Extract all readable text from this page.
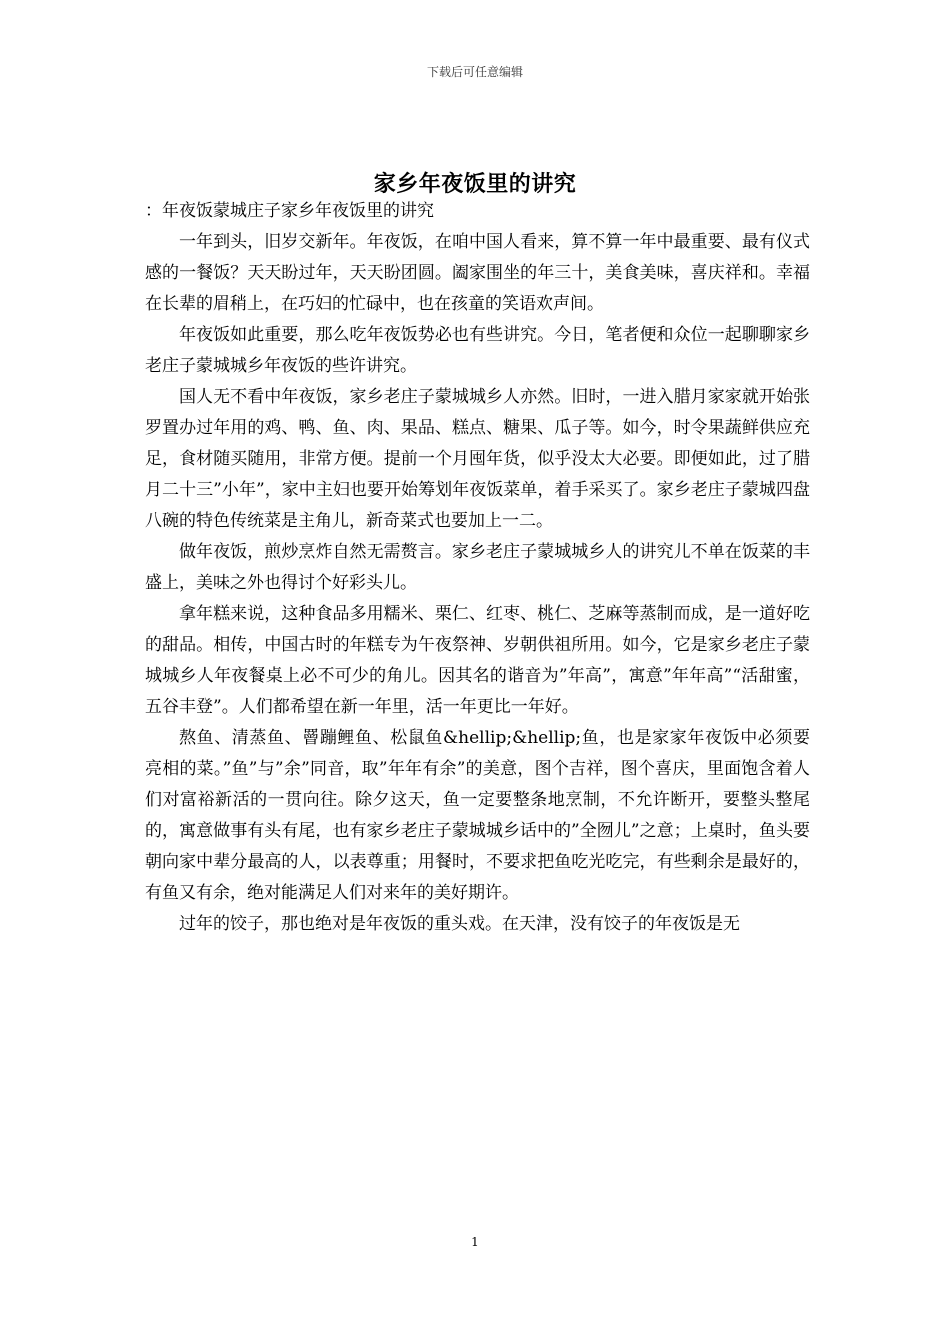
下载后可任意编辑
家乡年夜饭里的讲究

：年夜饭蒙城庄子家乡年夜饭里的讲究

一年到头，旧岁交新年。年夜饭，在咱中国人看来，算不算一年中最重要、最有仪式感的一餐饭？天天盼过年，天天盼团圆。阖家围坐的年三十，美食美味，喜庆祥和。幸福在长辈的眉稍上，在巧妇的忙碌中，也在孩童的笑语欢声间。

年夜饭如此重要，那么吃年夜饭势必也有些讲究。今日，笔者便和众位一起聊聊家乡老庄子蒙城城乡年夜饭的些许讲究。

国人无不看中年夜饭，家乡老庄子蒙城城乡人亦然。旧时，一进入腊月家家就开始张罗置办过年用的鸡、鸭、鱼、肉、果品、糕点、糖果、瓜子等。如今，时令果蔬鲜供应充足，食材随买随用，非常方便。提前一个月囤年货，似乎没太大必要。即便如此，过了腊月二十三”小年”，家中主妇也要开始筹划年夜饭菜单，着手采买了。家乡老庄子蒙城四盘八碗的特色传统菜是主角儿，新奇菜式也要加上一二。

做年夜饭，煎炒烹炸自然无需赘言。家乡老庄子蒙城城乡人的讲究儿不单在饭菜的丰盛上，美味之外也得讨个好彩头儿。

拿年糕来说，这种食品多用糯米、栗仁、红枣、桃仁、芝麻等蒸制而成，是一道好吃的甜品。相传，中国古时的年糕专为午夜祭神、岁朝供祖所用。如今，它是家乡老庄子蒙城城乡人年夜餐桌上必不可少的角儿。因其名的谐音为”年高”，寓意”年年高”“活甜蜜，五谷丰登”。人们都希望在新一年里，活一年更比一年好。

熬鱼、清蒸鱼、罾蹦鲤鱼、松鼠鱼&hellip;&hellip;鱼，也是家家年夜饭中必须要亮相的菜。”鱼”与”余”同音，取”年年有余”的美意，图个吉祥，图个喜庆，里面饱含着人们对富裕新活的一贯向往。除夕这天，鱼一定要整条地烹制，不允许断开，要整头整尾的，寓意做事有头有尾，也有家乡老庄子蒙城城乡话中的”全囫儿”之意；上桌时，鱼头要朝向家中辈分最高的人，以表尊重；用餐时，不要求把鱼吃光吃完，有些剩余是最好的，有鱼又有余，绝对能满足人们对来年的美好期许。

过年的饺子，那也绝对是年夜饭的重头戏。在天津，没有饺子的年夜饭是无

1
